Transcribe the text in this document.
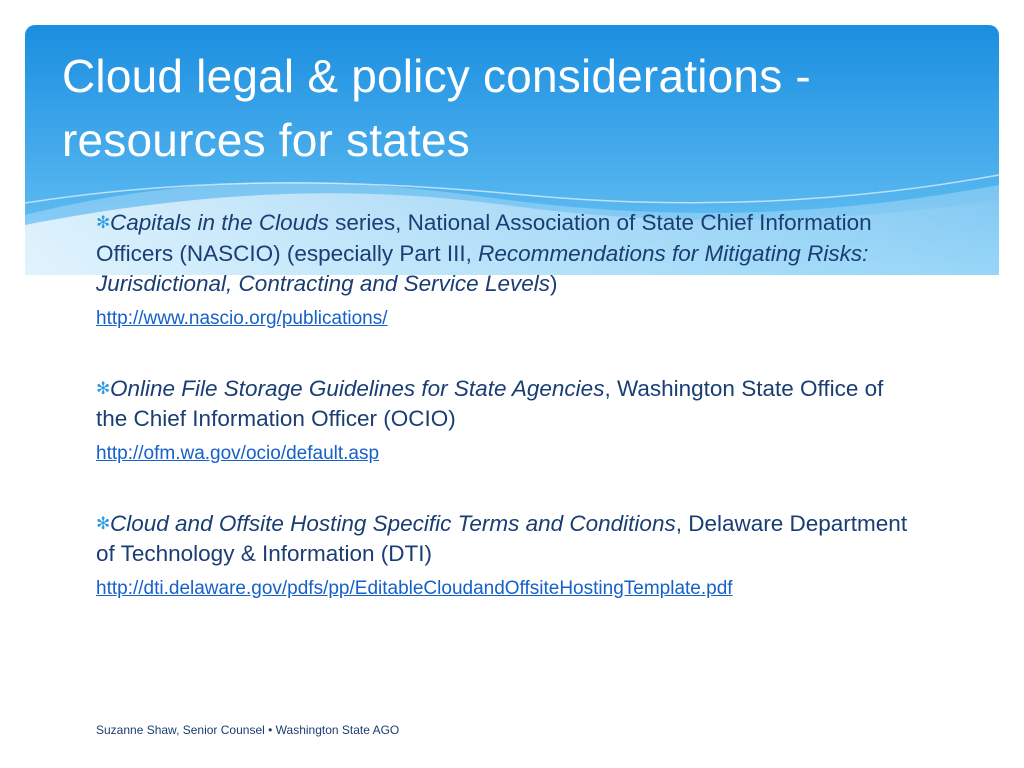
Cloud legal & policy considerations - resources for states

✻Capitals in the Clouds series, National Association of State Chief Information Officers (NASCIO) (especially Part III, Recommendations for Mitigating Risks: Jurisdictional, Contracting and Service Levels)

http://www.nascio.org/publications/

✻Online File Storage Guidelines for State Agencies, Washington State Office of the Chief Information Officer (OCIO)

http://ofm.wa.gov/ocio/default.asp

✻Cloud and Offsite Hosting Specific Terms and Conditions, Delaware Department of Technology & Information (DTI)

http://dti.delaware.gov/pdfs/pp/EditableCloudandOffsiteHostingTemplate.pdf
Suzanne Shaw, Senior Counsel • Washington State AGO
